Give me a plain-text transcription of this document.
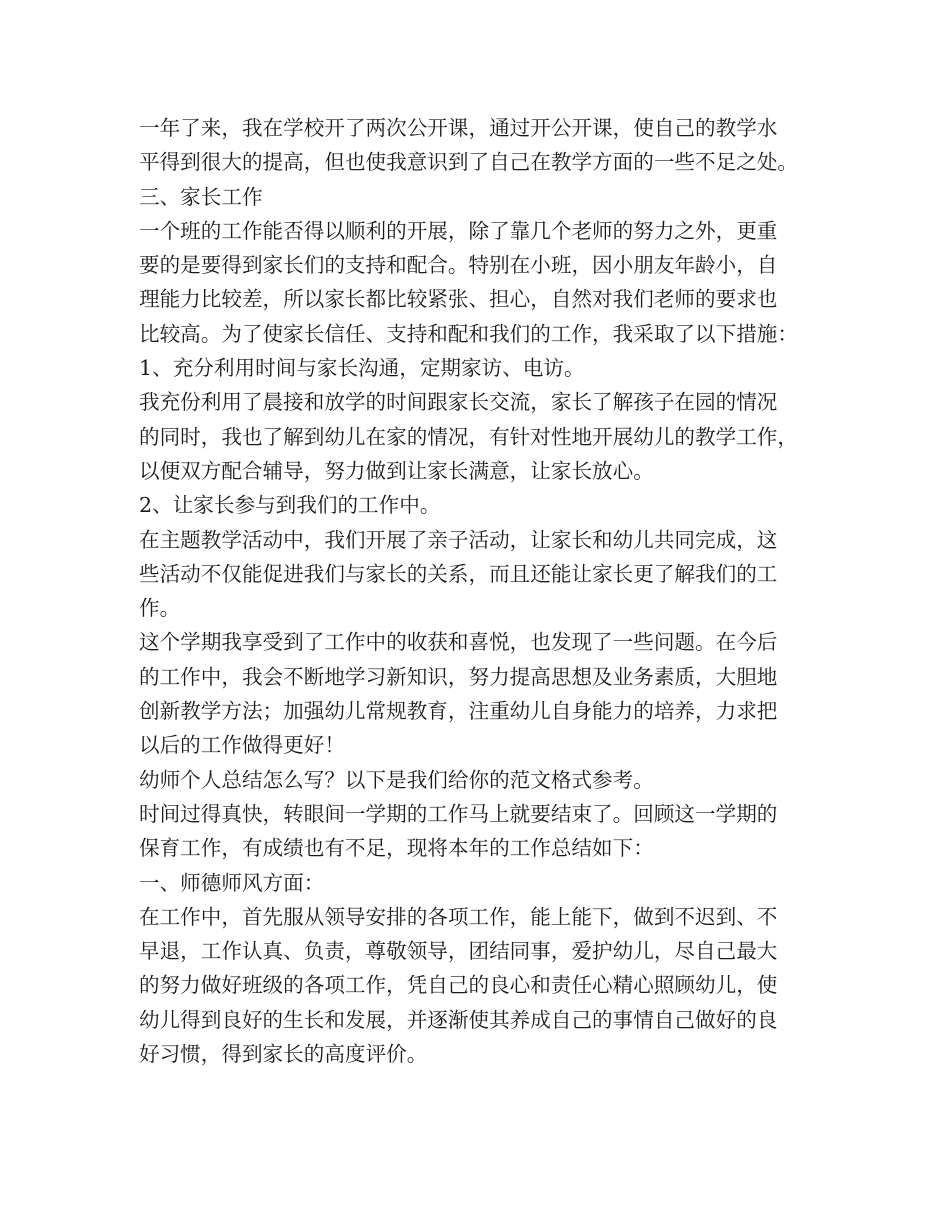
一年了来，我在学校开了两次公开课，通过开公开课，使自己的教学水
平得到很大的提高，但也使我意识到了自己在教学方面的一些不足之处。
三、家长工作
一个班的工作能否得以顺利的开展，除了靠几个老师的努力之外，更重
要的是要得到家长们的支持和配合。特别在小班，因小朋友年龄小，自
理能力比较差，所以家长都比较紧张、担心，自然对我们老师的要求也
比较高。为了使家长信任、支持和配和我们的工作，我采取了以下措施：
1、充分利用时间与家长沟通，定期家访、电访。
我充份利用了晨接和放学的时间跟家长交流，家长了解孩子在园的情况
的同时，我也了解到幼儿在家的情况，有针对性地开展幼儿的教学工作，
以便双方配合辅导，努力做到让家长满意，让家长放心。
2、让家长参与到我们的工作中。
在主题教学活动中，我们开展了亲子活动，让家长和幼儿共同完成，这
些活动不仅能促进我们与家长的关系，而且还能让家长更了解我们的工
作。
这个学期我享受到了工作中的收获和喜悦，也发现了一些问题。在今后
的工作中，我会不断地学习新知识，努力提高思想及业务素质，大胆地
创新教学方法；加强幼儿常规教育，注重幼儿自身能力的培养，力求把
以后的工作做得更好！
幼师个人总结怎么写？以下是我们给你的范文格式参考。
时间过得真快，转眼间一学期的工作马上就要结束了。回顾这一学期的
保育工作，有成绩也有不足，现将本年的工作总结如下：
一、师德师风方面：
在工作中，首先服从领导安排的各项工作，能上能下，做到不迟到、不
早退，工作认真、负责，尊敬领导，团结同事，爱护幼儿，尽自己最大
的努力做好班级的各项工作，凭自己的良心和责任心精心照顾幼儿，使
幼儿得到良好的生长和发展，并逐渐使其养成自己的事情自己做好的良
好习惯，得到家长的高度评价。
